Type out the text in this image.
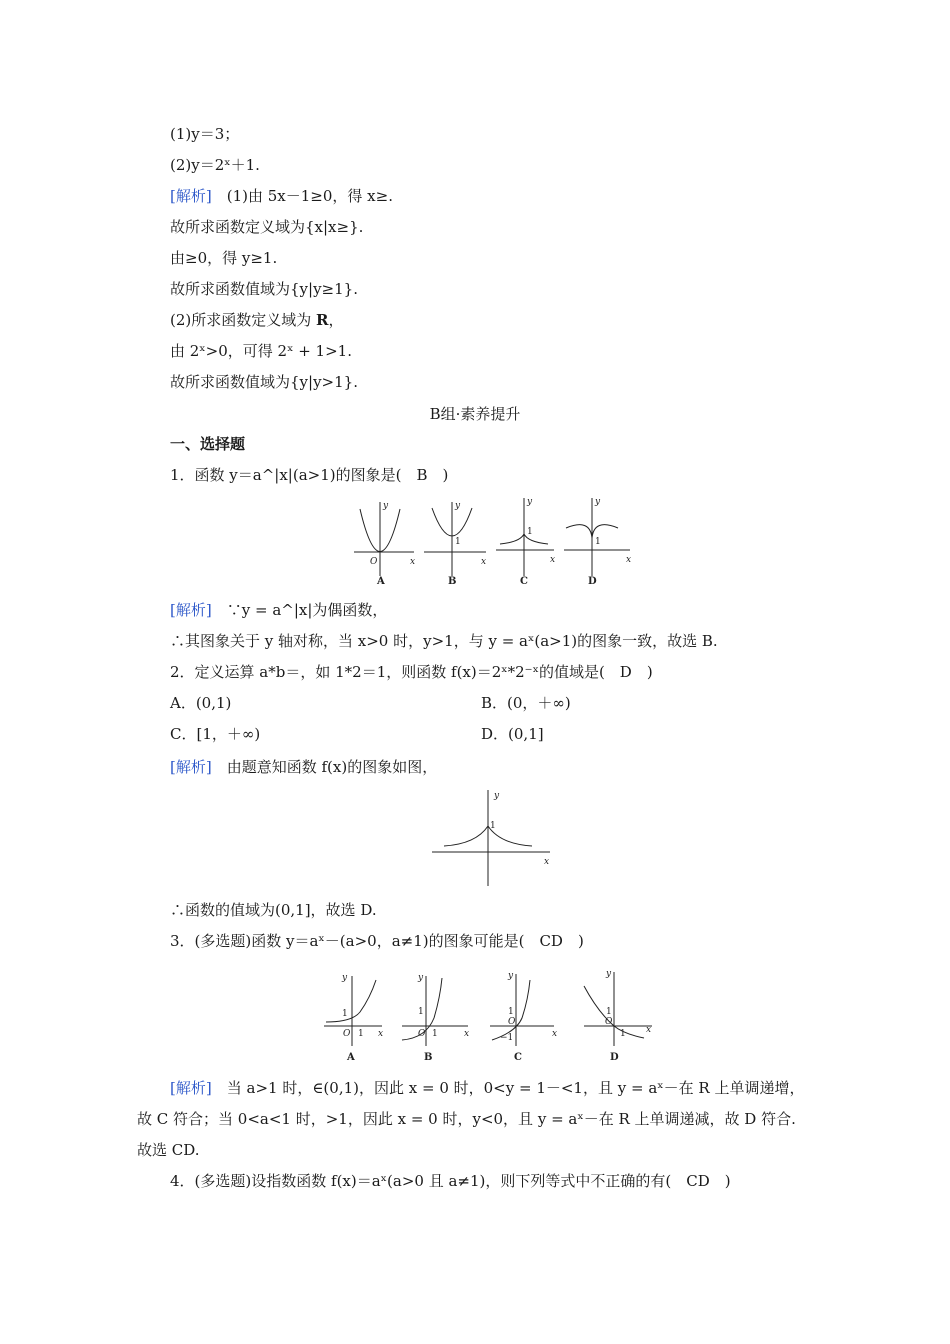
(1)y＝3；
(2)y＝2ˣ＋1.
[解析]　 (1)由 5x－1≥0，得 x≥.
故所求函数定义域为{x|x≥}.
由≥0，得 y≥1.
故所求函数值域为{y|y≥1}.
(2)所求函数定义域为 R，
由 2ˣ>0，可得 2ˣ + 1>1.
故所求函数值域为{y|y>1}.
B组·素养提升
一、选择题
1．函数 y＝a^|x|(a>1)的图象是(　B　)
y
x
O
A
y
x
1
B
y
x
1
C
y
x
1
D
[解析]　 ∵y = a^|x|为偶函数，
∴其图象关于 y 轴对称，当 x>0 时，y>1，与 y = aˣ(a>1)的图象一致，故选 B.
2．定义运算 a*b＝，如 1*2＝1，则函数 f(x)＝2ˣ*2⁻ˣ的值域是(　D　)
A．(0,1)	B．(0，＋∞)
C．[1，＋∞)	D．(0,1]
[解析]　 由题意知函数 f(x)的图象如图，
y
x
1
∴函数的值域为(0,1]，故选 D.
3．(多选题)函数 y＝aˣ－(a>0，a≠1)的图象可能是(　CD　)
y
x
1
O 1
A
y
x
1
O 1
B
y
x
1
O
−1
C
y
x
1
O
1
D
[解析]　 当 a>1 时，∈(0,1)，因此 x = 0 时，0<y = 1－<1，且 y = aˣ－在 R 上单调递增，
故 C 符合；当 0<a<1 时，>1，因此 x = 0 时，y<0，且 y = aˣ－在 R 上单调递减，故 D 符合.
故选 CD.
4．(多选题)设指数函数 f(x)＝aˣ(a>0 且 a≠1)，则下列等式中不正确的有(　CD　)
